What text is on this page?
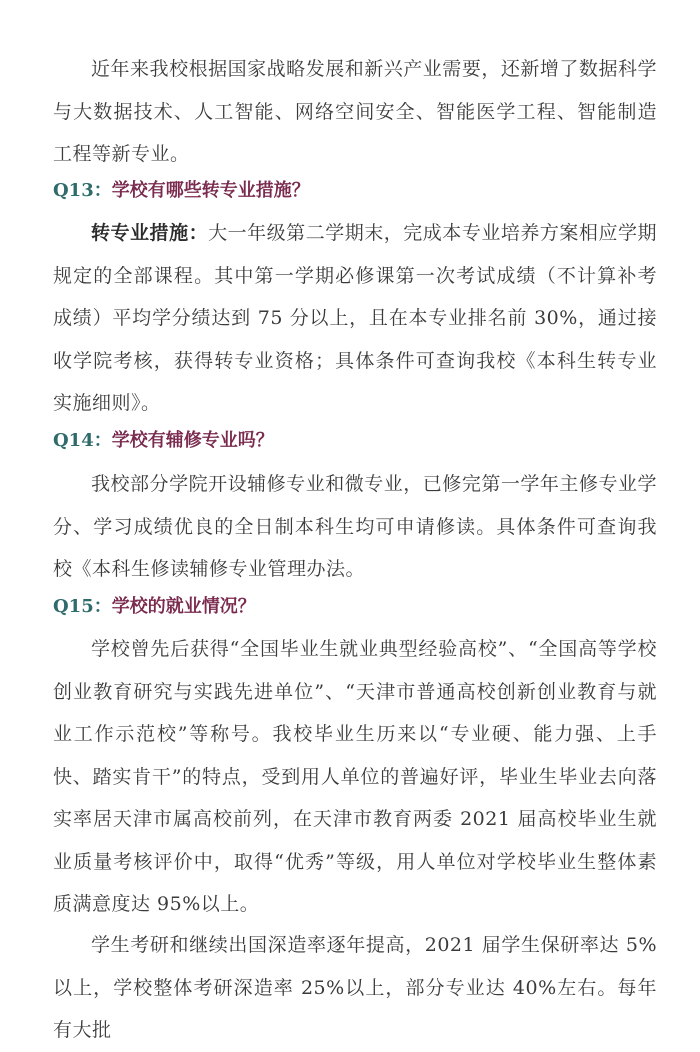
近年来我校根据国家战略发展和新兴产业需要，还新增了数据科学与大数据技术、人工智能、网络空间安全、智能医学工程、智能制造工程等新专业。

Q13：学校有哪些转专业措施？

转专业措施：大一年级第二学期末，完成本专业培养方案相应学期规定的全部课程。其中第一学期必修课第一次考试成绩（不计算补考成绩）平均学分绩达到 75 分以上，且在本专业排名前 30%，通过接收学院考核，获得转专业资格；具体条件可查询我校《本科生转专业实施细则》。

Q14：学校有辅修专业吗？

我校部分学院开设辅修专业和微专业，已修完第一学年主修专业学分、学习成绩优良的全日制本科生均可申请修读。具体条件可查询我校《本科生修读辅修专业管理办法。

Q15：学校的就业情况？

学校曾先后获得“全国毕业生就业典型经验高校”、“全国高等学校创业教育研究与实践先进单位”、“天津市普通高校创新创业教育与就业工作示范校”等称号。我校毕业生历来以“专业硬、能力强、上手快、踏实肯干”的特点，受到用人单位的普遍好评，毕业生毕业去向落实率居天津市属高校前列，在天津市教育两委 2021 届高校毕业生就业质量考核评价中，取得“优秀”等级，用人单位对学校毕业生整体素质满意度达 95%以上。

学生考研和继续出国深造率逐年提高，2021 届学生保研率达 5%以上，学校整体考研深造率 25%以上，部分专业达 40%左右。每年有大批
